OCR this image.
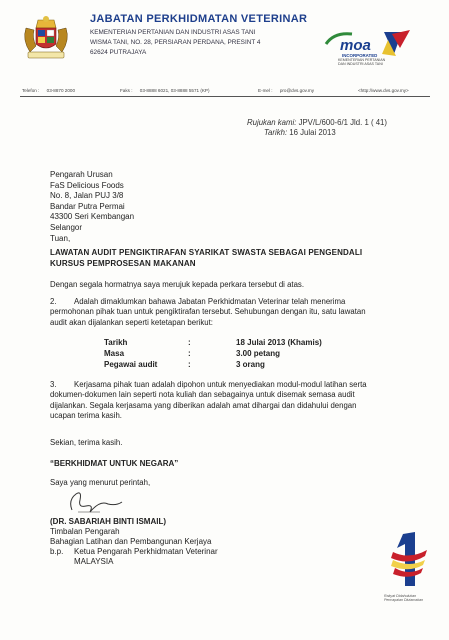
JABATAN PERKHIDMATAN VETERINAR
KEMENTERIAN PERTANIAN DAN INDUSTRI ASAS TANI
WISMA TANI, NO. 28, PERSIARAN PERDANA, PRESINT 4
62624 PUTRAJAYA	moa
INCORPORATED
KEMENTERIAN PERTANIAN
DAN INDUSTRI ASAS TANI
Telefon : 03-8870 2000	Faks : 03-8888 6021, 03-8888 5571 (KP)	E-mel : pro@dvs.gov.my	<http://www.dvs.gov.my>
Rujukan kami: JPV/L/600-6/1 Jld. 1 ( 41)
Tarikh: 16 Julai 2013
Pengarah Urusan
FaS Delicious Foods
No. 8, Jalan PUJ 3/8
Bandar Putra Permai
43300 Seri Kembangan
Selangor
Tuan,
LAWATAN AUDIT PENGIKTIRAFAN SYARIKAT SWASTA SEBAGAI PENGENDALI
KURSUS PEMPROSESAN MAKANAN
Dengan segala hormatnya saya merujuk kepada perkara tersebut di atas.
2. Adalah dimaklumkan bahawa Jabatan Perkhidmatan Veterinar telah menerima
permohonan pihak tuan untuk pengiktirafan tersebut. Sehubungan dengan itu, satu lawatan
audit akan dijalankan seperti ketetapan berikut:
Tarikh	:	18 Julai 2013 (Khamis)
Masa	:	3.00 petang
Pegawai audit	:	3 orang
3. Kerjasama pihak tuan adalah dipohon untuk menyediakan modul-modul latihan serta
dokumen-dokumen lain seperti nota kuliah dan sebagainya untuk disemak semasa audit
dijalankan. Segala kerjasama yang diberikan adalah amat dihargai dan didahului dengan
ucapan terima kasih.
Sekian, terima kasih.
“BERKHIDMAT UNTUK NEGARA”
Saya yang menurut perintah,
(DR. SABARIAH BINTI ISMAIL)
Timbalan Pengarah
Bahagian Latihan dan Pembangunan Kerjaya
b.p. Ketua Pengarah Perkhidmatan Veterinar
MALAYSIA
Rakyat Didahulukan
Pencapaian Diutamakan
